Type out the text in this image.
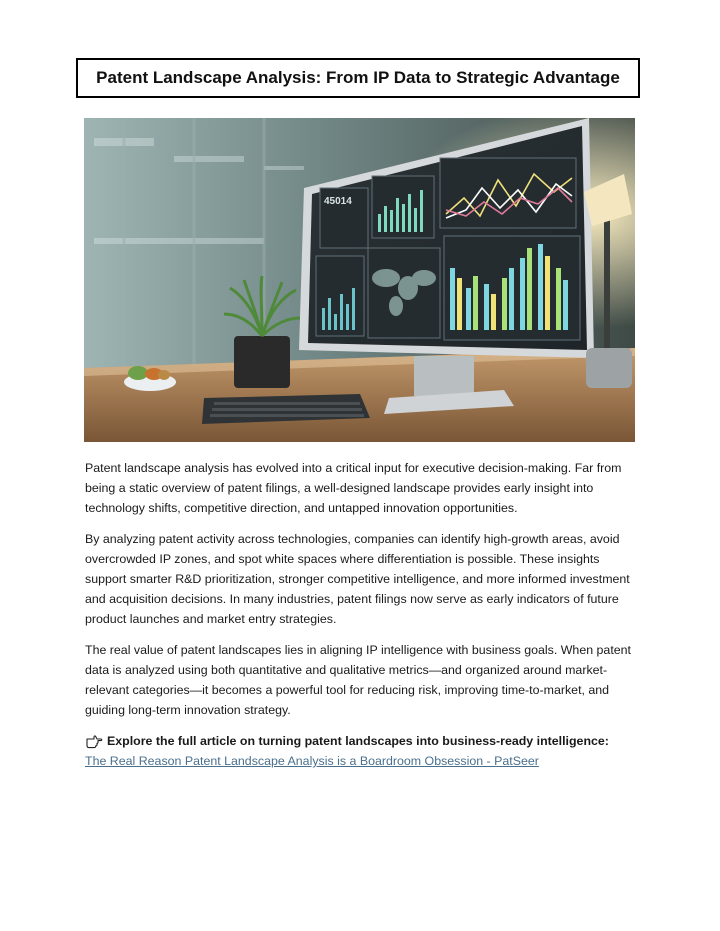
Patent Landscape Analysis: From IP Data to Strategic Advantage
45014

Patent landscape analysis has evolved into a critical input for executive decision-making. Far from being a static overview of patent filings, a well-designed landscape provides early insight into technology shifts, competitive direction, and untapped innovation opportunities.

By analyzing patent activity across technologies, companies can identify high-growth areas, avoid overcrowded IP zones, and spot white spaces where differentiation is possible. These insights support smarter R&D prioritization, stronger competitive intelligence, and more informed investment and acquisition decisions. In many industries, patent filings now serve as early indicators of future product launches and market entry strategies.

The real value of patent landscapes lies in aligning IP intelligence with business goals. When patent data is analyzed using both quantitative and qualitative metrics—and organized around market-relevant categories—it becomes a powerful tool for reducing risk, improving time-to-market, and guiding long-term innovation strategy.

Explore the full article on turning patent landscapes into business-ready intelligence:
The Real Reason Patent Landscape Analysis is a Boardroom Obsession - PatSeer
